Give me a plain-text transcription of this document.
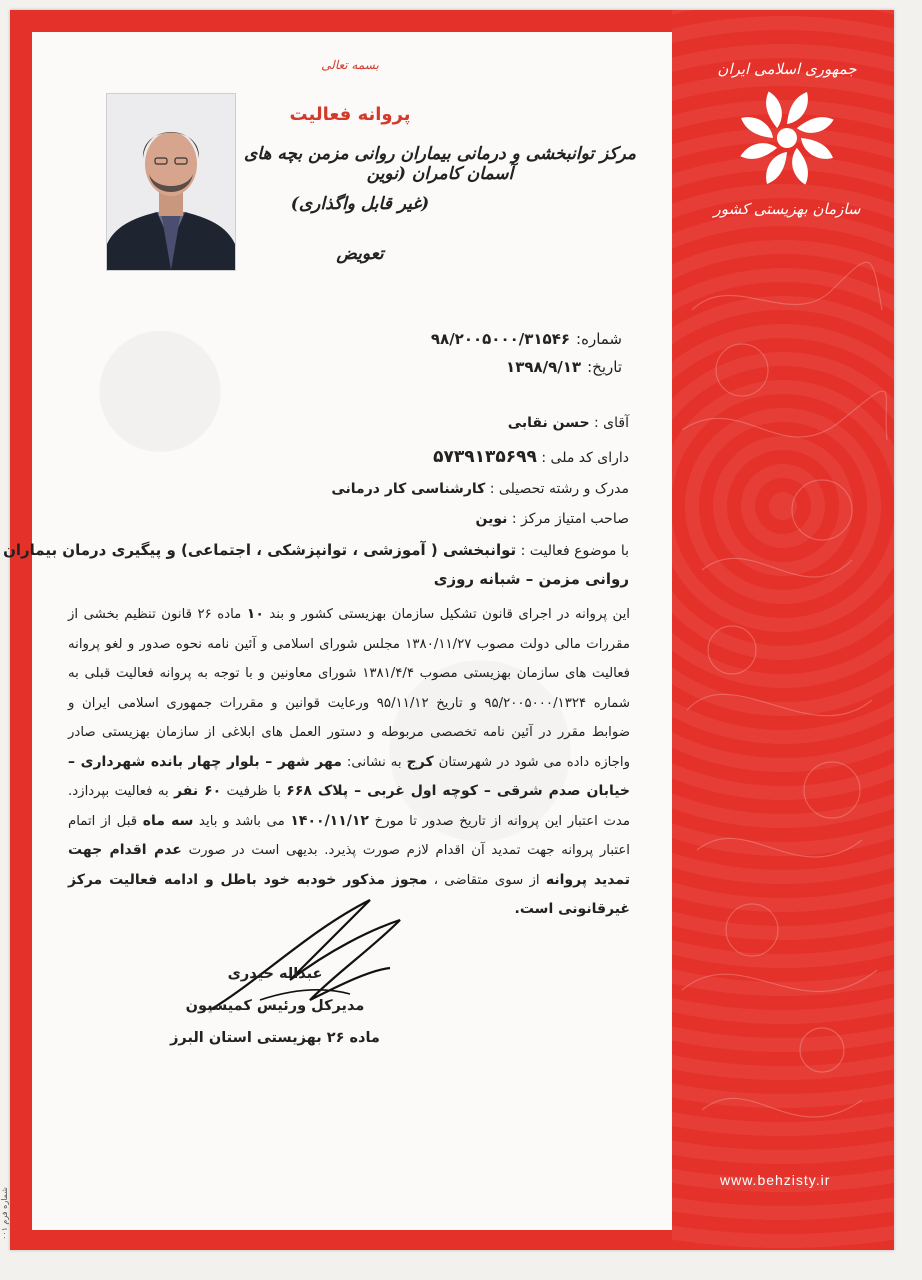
جمهوری اسلامی ایران
سازمان بهزیستی کشور
www.behzisty.ir
بسمه تعالی
پروانه فعالیت
مرکز توانبخشی و درمانی بیماران روانی مزمن بچه های آسمان کامران (نوین
(غیر قابل واگذاری)
تعویض
شماره:۹۸/۲۰۰۵۰۰۰/۳۱۵۴۶
تاریخ:۱۳۹۸/۹/۱۳
آقای : حسن نقابی
دارای کد ملی : ۵۷۳۹۱۳۵۶۹۹
مدرک و رشته تحصیلی : کارشناسی کار درمانی
صاحب امتیاز مرکز : نوین
با موضوع فعالیت : توانبخشی ( آموزشی ، توانپزشکی ، اجتماعی) و پیگیری درمان بیماران
روانی مزمن – شبانه روزی
این پروانه در اجرای قانون تشکیل سازمان بهزیستی کشور و بند ۱۰ ماده ۲۶ قانون تنظیم بخشی از مقررات مالی دولت مصوب ۱۳۸۰/۱۱/۲۷ مجلس شورای اسلامی و آئین نامه نحوه صدور و لغو پروانه فعالیت های سازمان بهزیستی مصوب ۱۳۸۱/۴/۴ شورای معاونین و با توجه به پروانه فعالیت قبلی به شماره ۹۵/۲۰۰۵۰۰۰/۱۳۲۴ و تاریخ ۹۵/۱۱/۱۲ ورعایت قوانین و مقررات جمهوری اسلامی ایران و ضوابط مقرر در آئین نامه تخصصی مربوطه و دستور العمل های ابلاغی از سازمان بهزیستی صادر واجازه داده می شود در شهرستان کرج به نشانی: مهر شهر – بلوار چهار بانده شهرداری – خیابان صدم شرقی – کوچه اول غربی – پلاک ۶۶۸ با ظرفیت ۶۰ نفر به فعالیت بپردازد. مدت اعتبار این پروانه از تاریخ صدور تا مورخ ۱۴۰۰/۱۱/۱۲ می باشد و باید سه ماه قبل از اتمام اعتبار پروانه جهت تمدید آن اقدام لازم صورت پذیرد. بدیهی است در صورت عدم اقدام جهت تمدید پروانه از سوی متقاضی ، مجوز مذکور خودبه خود باطل و ادامه فعالیت مرکز غیرقانونی است.
عبداله حیدری
مدیرکل ورئیس کمیسیون
ماده ۲۶ بهزیستی استان البرز
شماره فرم ۰۰۱
